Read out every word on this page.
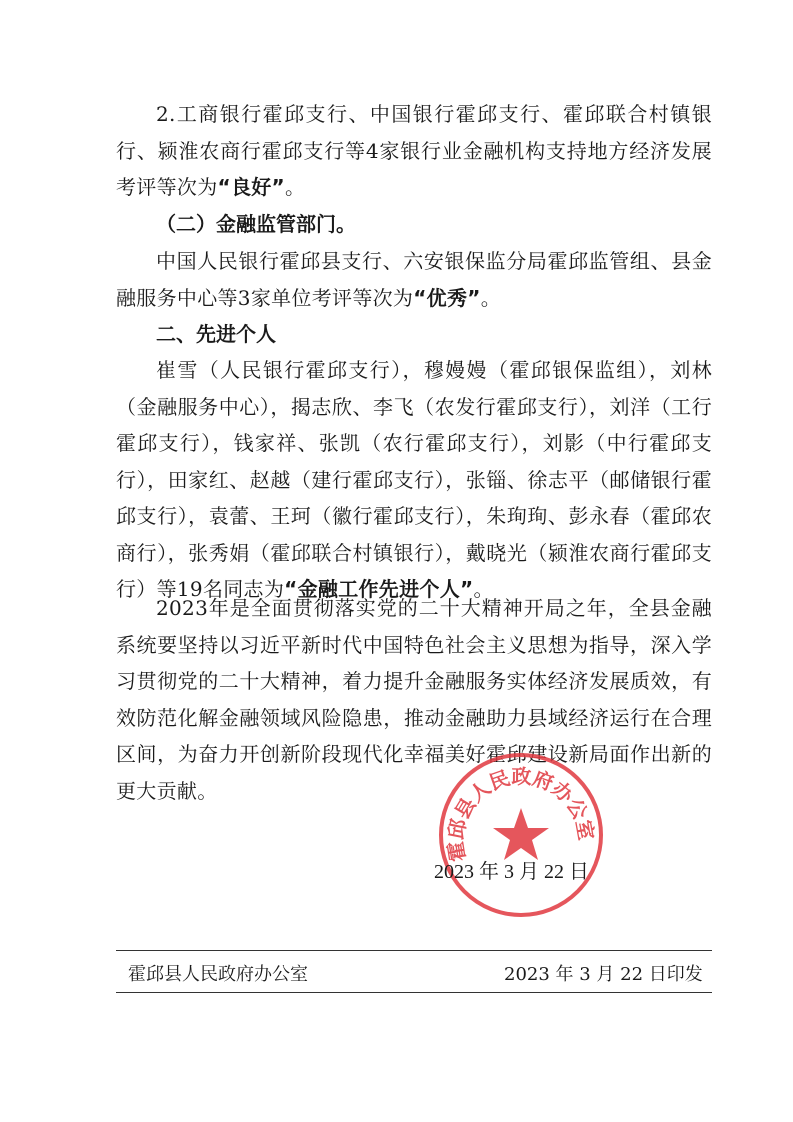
2.工商银行霍邱支行、中国银行霍邱支行、霍邱联合村镇银行、颍淮农商行霍邱支行等4家银行业金融机构支持地方经济发展考评等次为“良好”。

（二）金融监管部门。

中国人民银行霍邱县支行、六安银保监分局霍邱监管组、县金融服务中心等3家单位考评等次为“优秀”。

二、先进个人

崔雪（人民银行霍邱支行），穆嫚嫚（霍邱银保监组），刘林（金融服务中心），揭志欣、李飞（农发行霍邱支行），刘洋（工行霍邱支行），钱家祥、张凯（农行霍邱支行），刘影（中行霍邱支行），田家红、赵越（建行霍邱支行），张锱、徐志平（邮储银行霍邱支行），袁蕾、王珂（徽行霍邱支行），朱珣珣、彭永春（霍邱农商行），张秀娟（霍邱联合村镇银行），戴晓光（颍淮农商行霍邱支行）等19名同志为“金融工作先进个人”。

2023年是全面贯彻落实党的二十大精神开局之年，全县金融系统要坚持以习近平新时代中国特色社会主义思想为指导，深入学习贯彻党的二十大精神，着力提升金融服务实体经济发展质效，有效防范化解金融领域风险隐患，推动金融助力县域经济运行在合理区间，为奋力开创新阶段现代化幸福美好霍邱建设新局面作出新的更大贡献。

霍邱县人民政府办公室
2023 年 3 月 22 日
霍邱县人民政府办公室	2023 年 3 月 22 日印发
